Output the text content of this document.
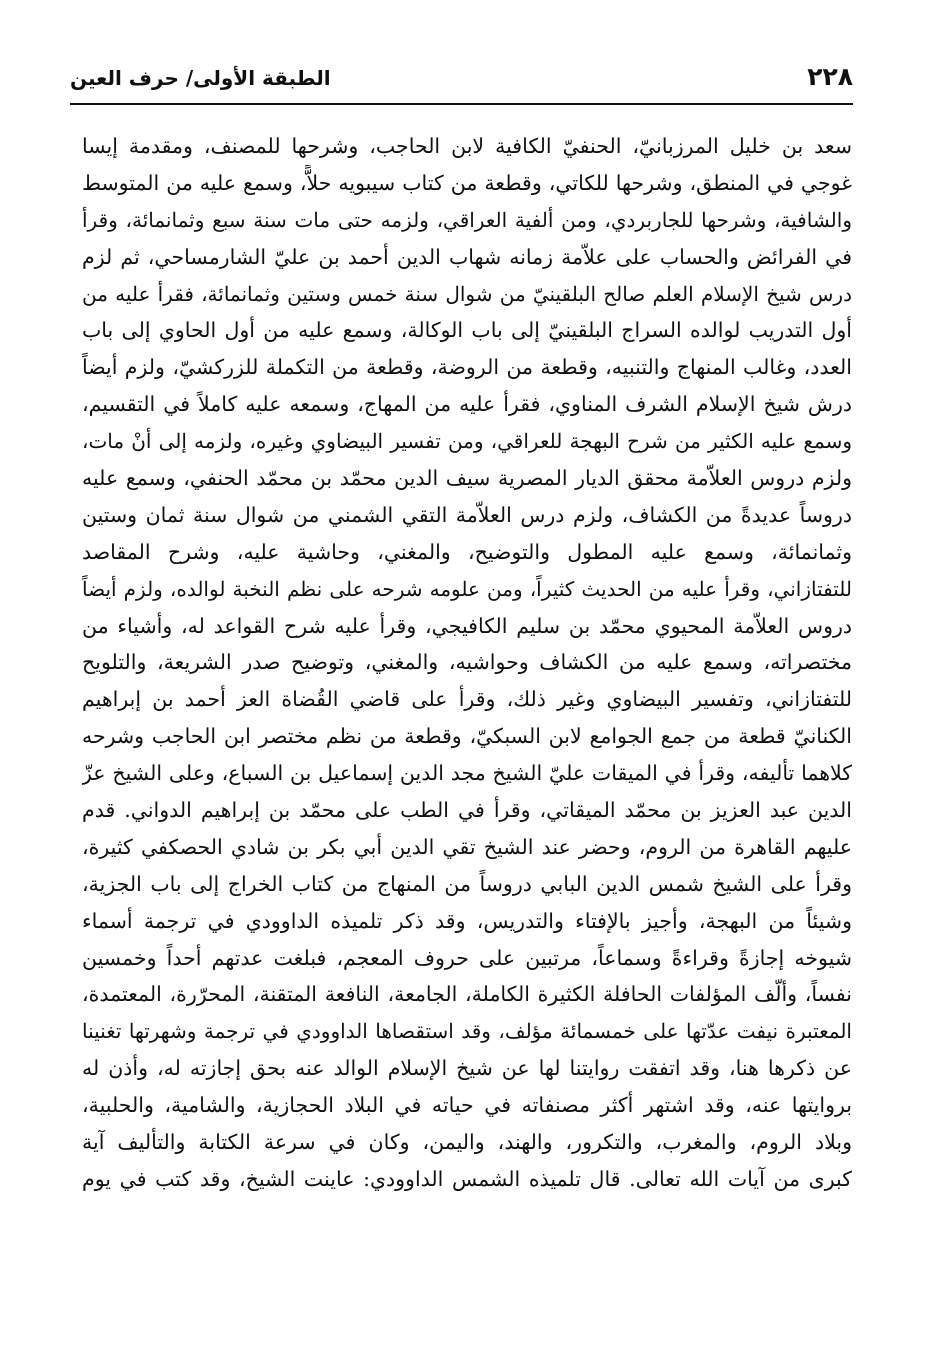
٢٢٨
الطبقة الأولى/ حرف العين
سعد بن خليل المرزبانيّ، الحنفيّ الكافية لابن الحاجب، وشرحها للمصنف، ومقدمة إيسا
غوجي في المنطق، وشرحها للكاتي، وقطعة من كتاب سيبويه حلاًّ، وسمع عليه من المتوسط
والشافية، وشرحها للجاربردي، ومن ألفية العراقي، ولزمه حتى مات سنة سبع وثمانمائة، وقرأ
في الفرائض والحساب على علاّمة زمانه شهاب الدين أحمد بن عليّ الشارمساحي، ثم لزم
درس شيخ الإسلام العلم صالح البلقينيّ من شوال سنة خمس وستين وثمانمائة، فقرأ عليه من
أول التدريب لوالده السراج البلقينيّ إلى باب الوكالة، وسمع عليه من أول الحاوي إلى باب
العدد، وغالب المنهاج والتنبيه، وقطعة من الروضة، وقطعة من التكملة للزركشيّ، ولزم أيضاً
درش شيخ الإسلام الشرف المناوي، فقرأ عليه من المهاج، وسمعه عليه كاملاً في التقسيم،
وسمع عليه الكثير من شرح البهجة للعراقي، ومن تفسير البيضاوي وغيره، ولزمه إلى أنْ مات،
ولزم دروس العلاّمة محقق الديار المصرية سيف الدين محمّد بن محمّد الحنفي، وسمع عليه
دروساً عديدةً من الكشاف، ولزم درس العلاّمة التقي الشمني من شوال سنة ثمان وستين
وثمانمائة، وسمع عليه المطول والتوضيح، والمغني، وحاشية عليه، وشرح المقاصد
للتفتازاني، وقرأ عليه من الحديث كثيراً، ومن علومه شرحه على نظم النخبة لوالده، ولزم أيضاً
دروس العلاّمة المحيوي محمّد بن سليم الكافيجي، وقرأ عليه شرح القواعد له، وأشياء من
مختصراته، وسمع عليه من الكشاف وحواشيه، والمغني، وتوضيح صدر الشريعة، والتلويح
للتفتازاني، وتفسير البيضاوي وغير ذلك، وقرأ على قاضي القُضاة العز أحمد بن إبراهيم
الكنانيّ قطعة من جمع الجوامع لابن السبكيّ، وقطعة من نظم مختصر ابن الحاجب وشرحه
كلاهما تأليفه، وقرأ في الميقات عليّ الشيخ مجد الدين إسماعيل بن السباع، وعلى الشيخ عزّ
الدين عبد العزيز بن محمّد الميقاتي، وقرأ في الطب على محمّد بن إبراهيم الدواني. قدم
عليهم القاهرة من الروم، وحضر عند الشيخ تقي الدين أبي بكر بن شادي الحصكفي كثيرة،
وقرأ على الشيخ شمس الدين البابي دروساً من المنهاج من كتاب الخراج إلى باب الجزية،
وشيئاً من البهجة، وأجيز بالإفتاء والتدريس، وقد ذكر تلميذه الداوودي في ترجمة أسماء
شيوخه إجازةً وقراءةً وسماعاً، مرتبين على حروف المعجم، فبلغت عدتهم أحداً وخمسين
نفساً، وألّف المؤلفات الحافلة الكثيرة الكاملة، الجامعة، النافعة المتقنة، المحرّرة، المعتمدة،
المعتبرة نيفت عدّتها على خمسمائة مؤلف، وقد استقصاها الداوودي في ترجمة وشهرتها تغنينا
عن ذكرها هنا، وقد اتفقت روايتنا لها عن شيخ الإسلام الوالد عنه بحق إجازته له، وأذن له
بروايتها عنه، وقد اشتهر أكثر مصنفاته في حياته في البلاد الحجازية، والشامية، والحلبية،
وبلاد الروم، والمغرب، والتكرور، والهند، واليمن، وكان في سرعة الكتابة والتأليف آية
كبرى من آيات الله تعالى. قال تلميذه الشمس الداوودي: عاينت الشيخ، وقد كتب في يوم
